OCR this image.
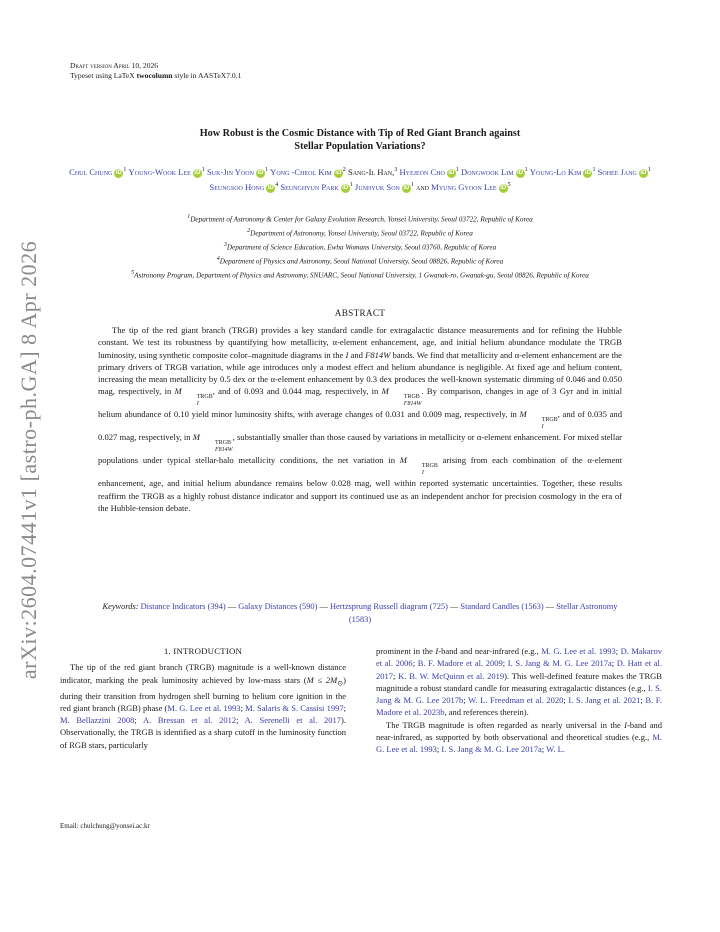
arXiv:2604.07441v1 [astro-ph.GA] 8 Apr 2026
Draft version April 10, 2026
Typeset using LaTeX twocolumn style in AASTeX7.0.1
How Robust is the Cosmic Distance with Tip of Red Giant Branch against
Stellar Population Variations?
Chul Chung iD $^1$ Young-Wook Lee iD $^1$ Suk-Jin Yoon iD $^1$ Yong -Cheol Kim iD $^2$ Sang-Il Han,$^3$ Hyejeon Cho iD $^1$ Dongwook Lim iD $^1$ Young-Lo Kim iD $^1$ Sohee Jang iD $^1$ Seungsoo Hong iD $^4$ Seunghyun Park iD $^1$ Junhyuk Son iD $^1$ and Myung Gyoon Lee iD $^5$
$^1$Department of Astronomy & Center for Galaxy Evolution Research, Yonsei University, Seoul 03722, Republic of Korea
$^2$Department of Astronomy, Yonsei University, Seoul 03722, Republic of Korea
$^3$Department of Science Education, Ewha Womans University, Seoul 03760, Republic of Korea
$^4$Department of Physics and Astronomy, Seoul National University, Seoul 08826, Republic of Korea
$^5$Astronomy Program, Department of Physics and Astronomy, SNUARC, Seoul National University, 1 Gwanak-ro, Gwanak-gu, Seoul 08826, Republic of Korea
ABSTRACT
The tip of the red giant branch (TRGB) provides a key standard candle for extragalactic distance measurements and for refining the Hubble constant. We test its robustness by quantifying how metallicity, α-element enhancement, age, and initial helium abundance modulate the TRGB luminosity, using synthetic composite color–magnitude diagrams in the I and F814W bands. We find that metallicity and α-element enhancement are the primary drivers of TRGB variation, while age introduces only a modest effect and helium abundance is negligible. At fixed age and helium content, increasing the mean metallicity by 0.5 dex or the α-element enhancement by 0.3 dex produces the well-known systematic dimming of 0.046 and 0.050 mag, respectively, in M
TRGB
I
, and of 0.093 and 0.044 mag, respectively, in M
TRGB
F814W
. By comparison, changes in age of 3 Gyr and in initial helium abundance of 0.10 yield minor luminosity shifts, with average changes of 0.031 and 0.009 mag, respectively, in M
TRGB
I
, and of 0.035 and 0.027 mag, respectively, in M
TRGB
F814W
, substantially smaller than those caused by variations in metallicity or α-element enhancement. For mixed stellar populations under typical stellar-halo metallicity conditions, the net variation in M
TRGB
I
arising from each combination of the α-element enhancement, age, and initial helium abundance remains below 0.028 mag, well within reported systematic uncertainties. Together, these results reaffirm the TRGB as a highly robust distance indicator and support its continued use as an independent anchor for precision cosmology in the era of the Hubble-tension debate.
Keywords: Distance Indicators (394) — Galaxy Distances (590) — Hertzsprung Russell diagram (725) — Standard Candles (1563) — Stellar Astronomy (1583)
1. INTRODUCTION

The tip of the red giant branch (TRGB) magnitude is a well-known distance indicator, marking the peak luminosity achieved by low-mass stars $(M \le 2M_⊙)$ during their transition from hydrogen shell burning to helium core ignition in the red giant branch (RGB) phase (M. G. Lee et al. 1993; M. Salaris & S. Cassisi 1997; M. Bellazzini 2008; A. Bressan et al. 2012; A. Serenelli et al. 2017). Observationally, the TRGB is identified as a sharp cutoff in the luminosity function of RGB stars, particularly

prominent in the I-band and near-infrared (e.g., M. G. Lee et al. 1993; D. Makarov et al. 2006; B. F. Madore et al. 2009; I. S. Jang & M. G. Lee 2017a; D. Hatt et al. 2017; K. B. W. McQuinn et al. 2019). This well-defined feature makes the TRGB magnitude a robust standard candle for measuring extragalactic distances (e.g., I. S. Jang & M. G. Lee 2017b; W. L. Freedman et al. 2020; I. S. Jang et al. 2021; B. F. Madore et al. 2023b, and references therein).

The TRGB magnitude is often regarded as nearly universal in the I-band and near-infrared, as supported by both observational and theoretical studies (e.g., M. G. Lee et al. 1993; I. S. Jang & M. G. Lee 2017a; W. L.

Email: chulchung@yonsei.ac.kr
